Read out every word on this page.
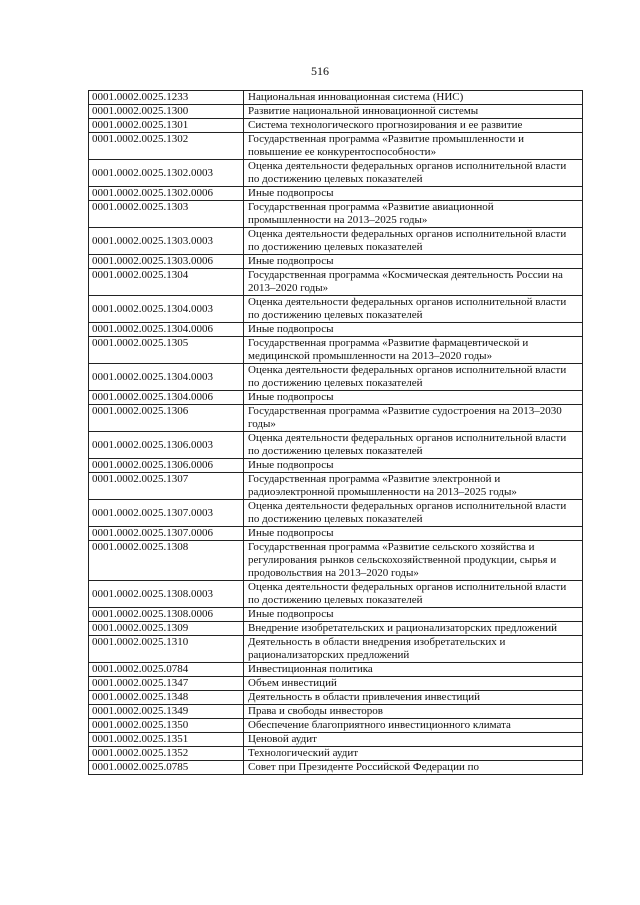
516
0001.0002.0025.1233	Национальная инновационная система (НИС)
0001.0002.0025.1300	Развитие национальной инновационной системы
0001.0002.0025.1301	Система технологического прогнозирования и ее развитие
0001.0002.0025.1302	Государственная программа «Развитие промышленности и повышение ее конкурентоспособности»
0001.0002.0025.1302.0003	Оценка деятельности федеральных органов исполнительной власти по достижению целевых показателей
0001.0002.0025.1302.0006	Иные подвопросы
0001.0002.0025.1303	Государственная программа «Развитие авиационной промышленности на 2013–2025 годы»
0001.0002.0025.1303.0003	Оценка деятельности федеральных органов исполнительной власти по достижению целевых показателей
0001.0002.0025.1303.0006	Иные подвопросы
0001.0002.0025.1304	Государственная программа «Космическая деятельность России на 2013–2020 годы»
0001.0002.0025.1304.0003	Оценка деятельности федеральных органов исполнительной власти по достижению целевых показателей
0001.0002.0025.1304.0006	Иные подвопросы
0001.0002.0025.1305	Государственная программа «Развитие фармацевтической и медицинской промышленности на 2013–2020 годы»
0001.0002.0025.1304.0003	Оценка деятельности федеральных органов исполнительной власти по достижению целевых показателей
0001.0002.0025.1304.0006	Иные подвопросы
0001.0002.0025.1306	Государственная программа «Развитие судостроения на 2013–2030 годы»
0001.0002.0025.1306.0003	Оценка деятельности федеральных органов исполнительной власти по достижению целевых показателей
0001.0002.0025.1306.0006	Иные подвопросы
0001.0002.0025.1307	Государственная программа «Развитие электронной и радиоэлектронной промышленности на 2013–2025 годы»
0001.0002.0025.1307.0003	Оценка деятельности федеральных органов исполнительной власти по достижению целевых показателей
0001.0002.0025.1307.0006	Иные подвопросы
0001.0002.0025.1308	Государственная программа «Развитие сельского хозяйства и регулирования рынков сельскохозяйственной продукции, сырья и продовольствия на 2013–2020 годы»
0001.0002.0025.1308.0003	Оценка деятельности федеральных органов исполнительной власти по достижению целевых показателей
0001.0002.0025.1308.0006	Иные подвопросы
0001.0002.0025.1309	Внедрение изобретательских и рационализаторских предложений
0001.0002.0025.1310	Деятельность в области внедрения изобретательских и рационализаторских предложений
0001.0002.0025.0784	Инвестиционная политика
0001.0002.0025.1347	Объем инвестиций
0001.0002.0025.1348	Деятельность в области привлечения инвестиций
0001.0002.0025.1349	Права и свободы инвесторов
0001.0002.0025.1350	Обеспечение благоприятного инвестиционного климата
0001.0002.0025.1351	Ценовой аудит
0001.0002.0025.1352	Технологический аудит
0001.0002.0025.0785	Совет при Президенте Российской Федерации по
